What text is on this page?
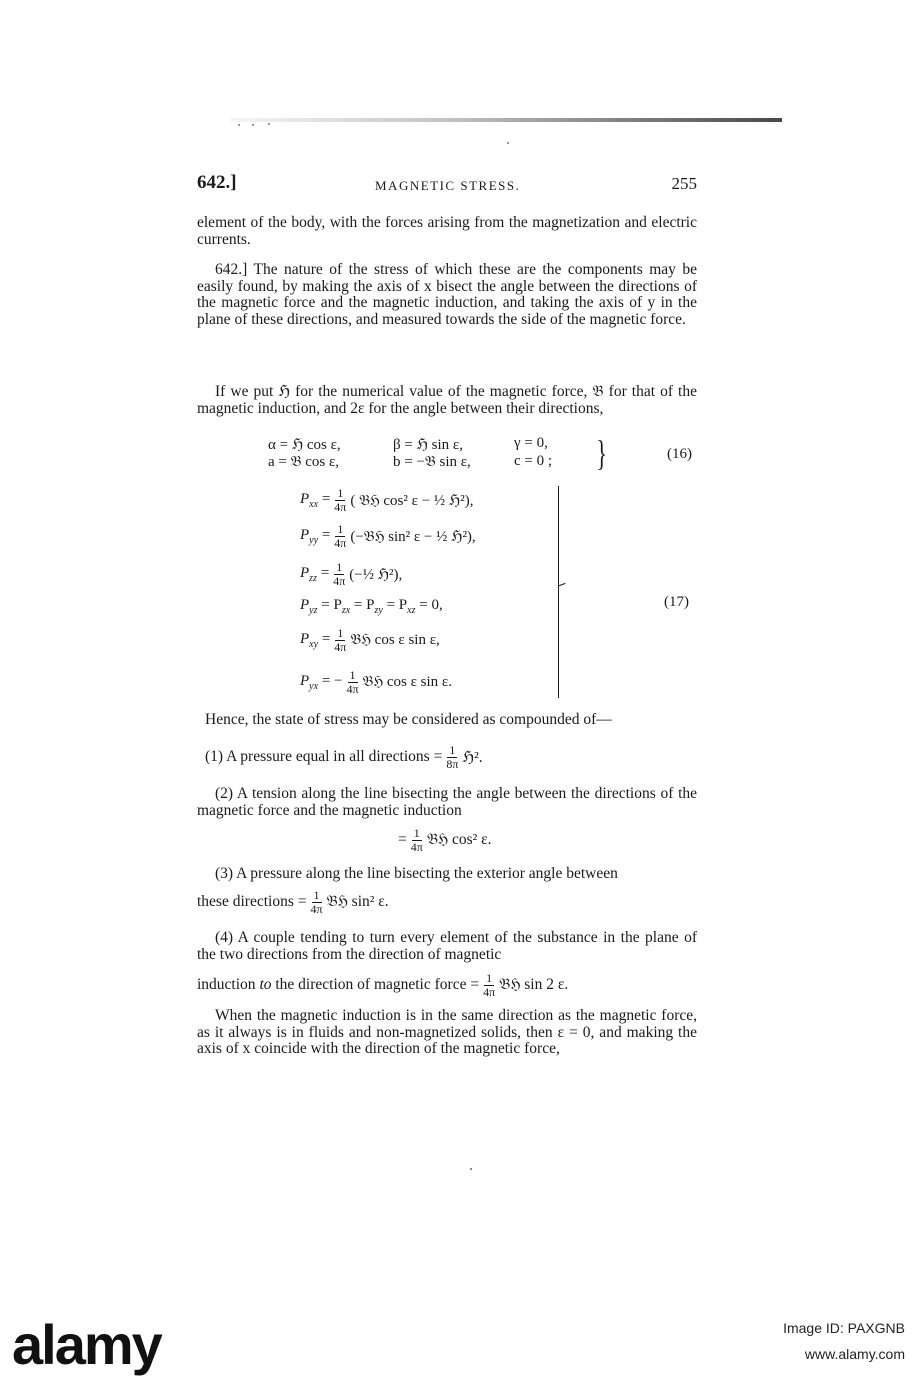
642.]	MAGNETIC STRESS.	255
element of the body, with the forces arising from the magnetization and electric currents.
642.] The nature of the stress of which these are the components may be easily found, by making the axis of x bisect the angle between the directions of the magnetic force and the magnetic induction, and taking the axis of y in the plane of these directions, and measured towards the side of the magnetic force.
If we put ℌ for the numerical value of the magnetic force, 𝔅 for that of the magnetic induction, and 2ε for the angle between their directions,
α = ℌ cos ε,	β = ℌ sin ε,	γ = 0,
a = 𝔅 cos ε,	b = −𝔅 sin ε,	c = 0 ; }	(16)
$P_{xx} = \frac{1}{4\pi}$ ( 𝔅ℌ cos² ε − ½ ℌ²),
$P_{yy} = \frac{1}{4\pi}$ (−𝔅ℌ sin² ε − ½ ℌ²),
$P_{zz} = \frac{1}{4\pi}$ (−½ ℌ²),
$P_{yz} = P_{zx} = P_{zy} = P_{xz} = 0$,
$P_{xy} = \frac{1}{4\pi}$ 𝔅ℌ cos ε sin ε,
$P_{yx}$ = − $\frac{1}{4\pi}$ 𝔅ℌ cos ε sin ε.
(17)
Hence, the state of stress may be considered as compounded of—
(1) A pressure equal in all directions = $\frac{1}{8\pi}$ ℌ².
(2) A tension along the line bisecting the angle between the directions of the magnetic force and the magnetic induction
= $\frac{1}{4\pi}$ 𝔅ℌ cos² ε.
(3) A pressure along the line bisecting the exterior angle between
these directions = $\frac{1}{4\pi}$ 𝔅ℌ sin² ε.
(4) A couple tending to turn every element of the substance in the plane of the two directions from the direction of magnetic
induction
to
the direction of magnetic force = $\frac{1}{4\pi}$ 𝔅ℌ sin 2 ε.
When the magnetic induction is in the same direction as the magnetic force, as it always is in fluids and non-magnetized solids, then ε = 0, and making the axis of x coincide with the direction of the magnetic force,
alamy	Image ID: PAXGNB
www.alamy.com
